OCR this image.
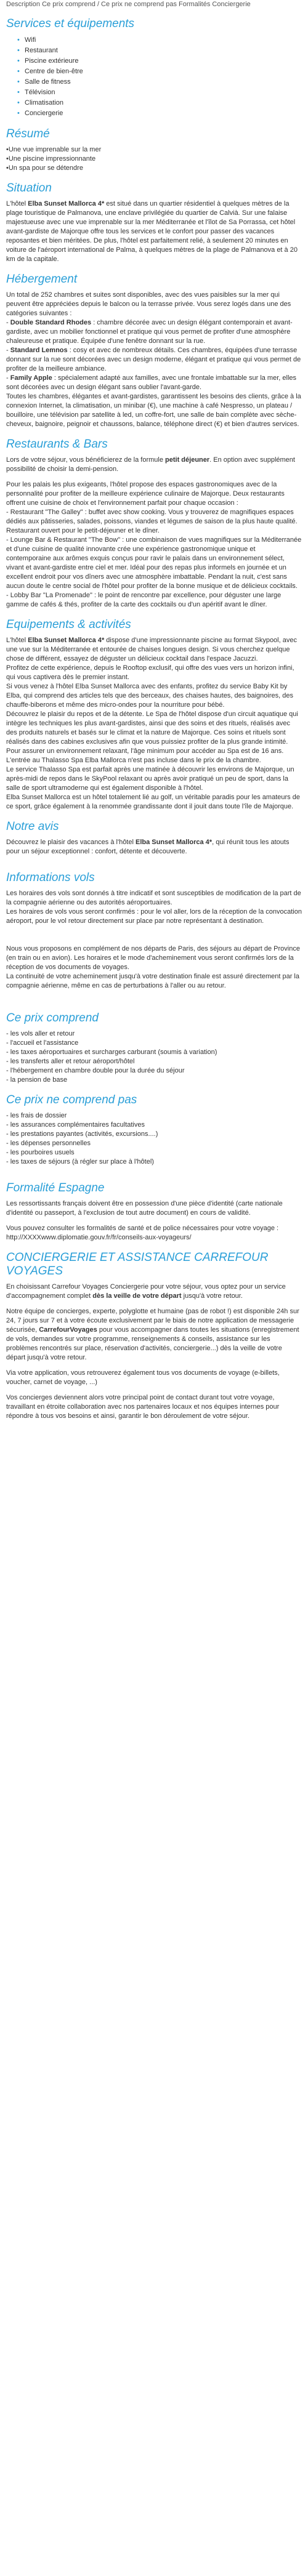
Description Ce prix comprend / Ce prix ne comprend pas Formalités Conciergerie

Services et équipements
• Wifi
• Restaurant
• Piscine extérieure
• Centre de bien-être
• Salle de fitness
• Télévision
• Climatisation
• Conciergerie
Résumé

•Une vue imprenable sur la mer

•Une piscine impressionnante

•Un spa pour se détendre

Situation

L'hôtel Elba Sunset Mallorca 4* est situé dans un quartier résidentiel à quelques mètres de la plage touristique de Palmanova, une enclave privilégiée du quartier de Calvià. Sur une falaise majestueuse avec une vue imprenable sur la mer Méditerranée et l'îlot de Sa Porrassa, cet hôtel avant-gardiste de Majorque offre tous les services et le confort pour passer des vacances reposantes et bien méritées. De plus, l'hôtel est parfaitement relié, à seulement 20 minutes en voiture de l'aéroport international de Palma, à quelques mètres de la plage de Palmanova et à 20 km de la capitale.

Hébergement

Un total de 252 chambres et suites sont disponibles, avec des vues paisibles sur la mer qui peuvent être appréciées depuis le balcon ou la terrasse privée. Vous serez logés dans une des catégories suivantes :

- Double Standard Rhodes : chambre décorée avec un design élégant contemporain et avant-gardiste, avec un mobilier fonctionnel et pratique qui vous permet de profiter d'une atmosphère chaleureuse et pratique. Équipée d'une fenêtre donnant sur la rue.

- Standard Lemnos : cosy et avec de nombreux détails. Ces chambres, équipées d'une terrasse donnant sur la rue sont décorées avec un design moderne, élégant et pratique qui vous permet de profiter de la meilleure ambiance.

- Family Apple : spécialement adapté aux familles, avec une frontale imbattable sur la mer, elles sont décorées avec un design élégant sans oublier l'avant-garde.

Toutes les chambres, élégantes et avant-gardistes, garantissent les besoins des clients, grâce à la connexion Internet, la climatisation, un minibar (€), une machine à café Nespresso, un plateau / bouilloire, une télévision par satellite à led, un coffre-fort, une salle de bain complète avec sèche-cheveux, baignoire, peignoir et chaussons, balance, téléphone direct (€) et bien d'autres services.

Restaurants & Bars

Lors de votre séjour, vous bénéficierez de la formule petit déjeuner. En option avec supplément possibilité de choisir la demi-pension.

Pour les palais les plus exigeants, l'hôtel propose des espaces gastronomiques avec de la personnalité pour profiter de la meilleure expérience culinaire de Majorque. Deux restaurants offrent une cuisine de choix et l'environnement parfait pour chaque occasion :

- Restaurant "The Galley" : buffet avec show cooking. Vous y trouverez de magnifiques espaces dédiés aux pâtisseries, salades, poissons, viandes et légumes de saison de la plus haute qualité. Restaurant ouvert pour le petit-déjeuner et le dîner.

- Lounge Bar & Restaurant "The Bow" : une combinaison de vues magnifiques sur la Méditerranée et d'une cuisine de qualité innovante crée une expérience gastronomique unique et contemporaine aux arômes exquis conçus pour ravir le palais dans un environnement sélect, vivant et avant-gardiste entre ciel et mer. Idéal pour des repas plus informels en journée et un excellent endroit pour vos dîners avec une atmosphère imbattable. Pendant la nuit, c'est sans aucun doute le centre social de l'hôtel pour profiter de la bonne musique et de délicieux cocktails.

- Lobby Bar "La Promenade" : le point de rencontre par excellence, pour déguster une large gamme de cafés & thés, profiter de la carte des cocktails ou d'un apéritif avant le dîner.

Equipements & activités

L'hôtel Elba Sunset Mallorca 4* dispose d'une impressionnante piscine au format Skypool, avec une vue sur la Méditerranée et entourée de chaises longues design. Si vous cherchez quelque chose de différent, essayez de déguster un délicieux cocktail dans l'espace Jacuzzi.

Profitez de cette expérience, depuis le Rooftop exclusif, qui offre des vues vers un horizon infini, qui vous captivera dès le premier instant.

Si vous venez à l'hôtel Elba Sunset Mallorca avec des enfants, profitez du service Baby Kit by Elba, qui comprend des articles tels que des berceaux, des chaises hautes, des baignoires, des chauffe-biberons et même des micro-ondes pour la nourriture pour bébé.

Découvrez le plaisir du repos et de la détente. Le Spa de l'hôtel dispose d'un circuit aquatique qui intègre les techniques les plus avant-gardistes, ainsi que des soins et des rituels, réalisés avec des produits naturels et basés sur le climat et la nature de Majorque. Ces soins et rituels sont réalisés dans des cabines exclusives afin que vous puissiez profiter de la plus grande intimité. Pour assurer un environnement relaxant, l'âge minimum pour accéder au Spa est de 16 ans. L'entrée au Thalasso Spa Elba Mallorca n'est pas incluse dans le prix de la chambre.

Le service Thalasso Spa est parfait après une matinée à découvrir les environs de Majorque, un après-midi de repos dans le SkyPool relaxant ou après avoir pratiqué un peu de sport, dans la salle de sport ultramoderne qui est également disponible à l'hôtel.

Elba Sunset Mallorca est un hôtel totalement lié au golf, un véritable paradis pour les amateurs de ce sport, grâce également à la renommée grandissante dont il jouit dans toute l'île de Majorque.

Notre avis

Découvrez le plaisir des vacances à l'hôtel Elba Sunset Mallorca 4*, qui réunit tous les atouts pour un séjour exceptionnel : confort, détente et découverte.

Informations vols

Les horaires des vols sont donnés à titre indicatif et sont susceptibles de modification de la part de la compagnie aérienne ou des autorités aéroportuaires.

Les horaires de vols vous seront confirmés : pour le vol aller, lors de la réception de la convocation aéroport, pour le vol retour directement sur place par notre représentant à destination.

Nous vous proposons en complément de nos départs de Paris, des séjours au départ de Province (en train ou en avion). Les horaires et le mode d'acheminement vous seront confirmés lors de la réception de vos documents de voyages.

La continuité de votre acheminement jusqu'à votre destination finale est assuré directement par la compagnie aérienne, même en cas de perturbations à l'aller ou au retour.

Ce prix comprend

- les vols aller et retour

- l'accueil et l'assistance

- les taxes aéroportuaires et surcharges carburant (soumis à variation)

- les transferts aller et retour aéroport/hôtel

- l'hébergement en chambre double pour la durée du séjour

- la pension de base

Ce prix ne comprend pas

- les frais de dossier

- les assurances complémentaires facultatives

- les prestations payantes (activités, excursions....)

- les dépenses personnelles

- les pourboires usuels

- les taxes de séjours (à régler sur place à l'hôtel)

Formalité Espagne

Les ressortissants français doivent être en possession d'une pièce d'identité (carte nationale d'identité ou passeport, à l'exclusion de tout autre document) en cours de validité.

Vous pouvez consulter les formalités de santé et de police nécessaires pour votre voyage : http://XXXXwww.diplomatie.gouv.fr/fr/conseils-aux-voyageurs/

CONCIERGERIE ET ASSISTANCE CARREFOUR VOYAGES

En choisissant Carrefour Voyages Conciergerie pour votre séjour, vous optez pour un service d'accompagnement complet dès la veille de votre départ jusqu'à votre retour.

Notre équipe de concierges, experte, polyglotte et humaine (pas de robot !) est disponible 24h sur 24, 7 jours sur 7 et à votre écoute exclusivement par le biais de notre application de messagerie sécurisée, CarrefourVoyages pour vous accompagner dans toutes les situations (enregistrement de vols, demandes sur votre programme, renseignements & conseils, assistance sur les problèmes rencontrés sur place, réservation d'activités, conciergerie...) dès la veille de votre départ jusqu'à votre retour.

Via votre application, vous retrouverez également tous vos documents de voyage (e-billets, voucher, carnet de voyage, ...)

Vos concierges deviennent alors votre principal point de contact durant tout votre voyage, travaillant en étroite collaboration avec nos partenaires locaux et nos équipes internes pour répondre à tous vos besoins et ainsi, garantir le bon déroulement de votre séjour.
